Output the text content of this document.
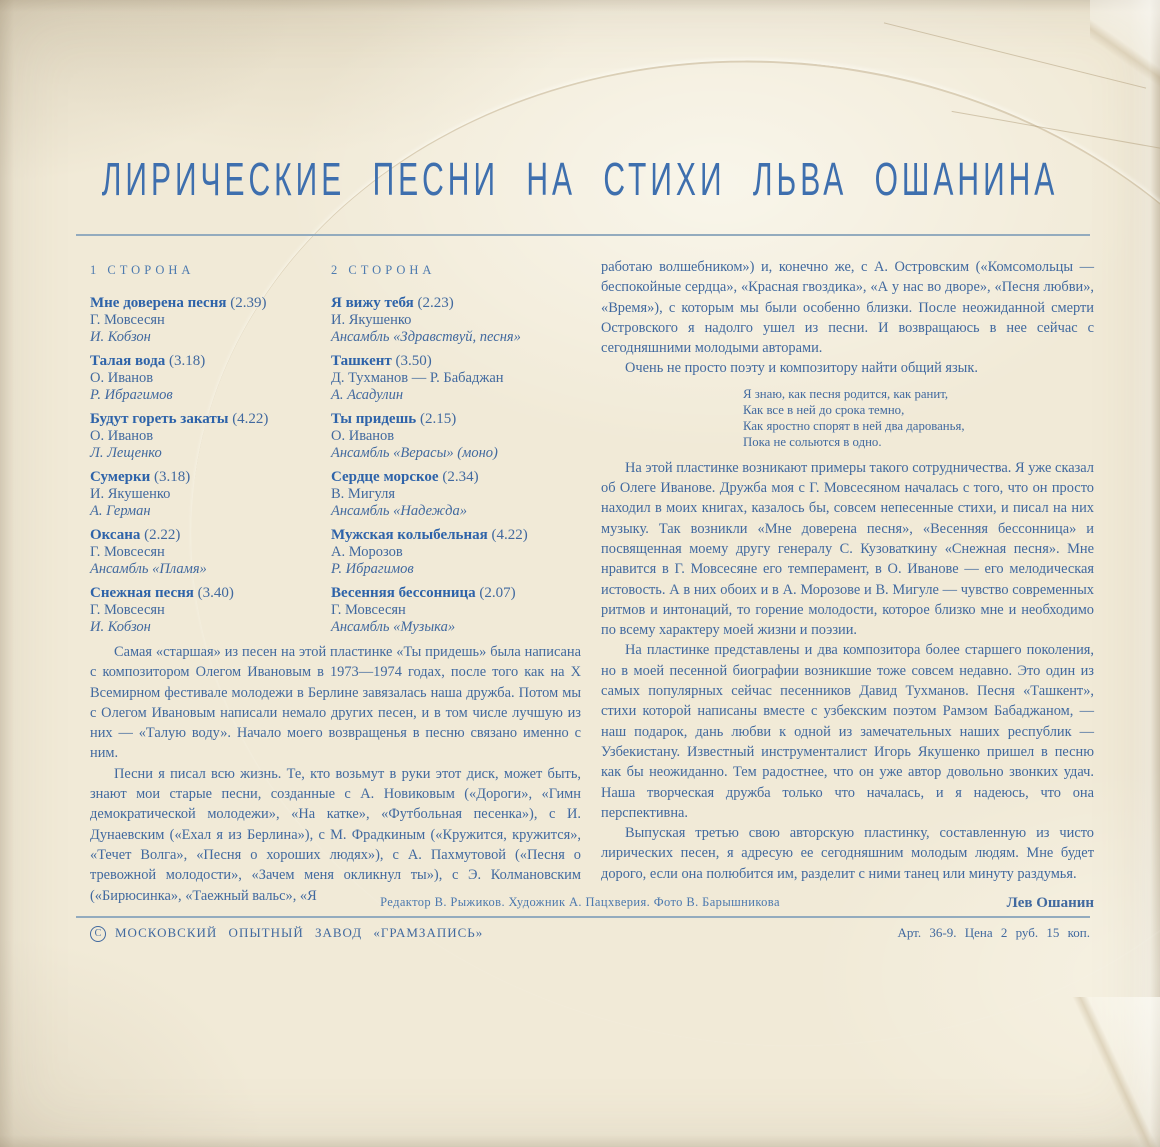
ЛИРИЧЕСКИЕ ПЕСНИ НА СТИХИ ЛЬВА ОШАНИНА
1 СТОРОНА
Мне доверена песня (2.39)
Г. Мовсесян
И. Кобзон
Талая вода (3.18)
О. Иванов
Р. Ибрагимов
Будут гореть закаты (4.22)
О. Иванов
Л. Лещенко
Сумерки (3.18)
И. Якушенко
А. Герман
Оксана (2.22)
Г. Мовсесян
Ансамбль «Пламя»
Снежная песня (3.40)
Г. Мовсесян
И. Кобзон
2 СТОРОНА
Я вижу тебя (2.23)
И. Якушенко
Ансамбль «Здравствуй, песня»
Ташкент (3.50)
Д. Тухманов — Р. Бабаджан
А. Асадулин
Ты придешь (2.15)
О. Иванов
Ансамбль «Верасы» (моно)
Сердце морское (2.34)
В. Мигуля
Ансамбль «Надежда»
Мужская колыбельная (4.22)
А. Морозов
Р. Ибрагимов
Весенняя бессонница (2.07)
Г. Мовсесян
Ансамбль «Музыка»

Самая «старшая» из песен на этой пластинке «Ты придешь» была написана с композитором Олегом Ивановым в 1973—1974 годах, после того как на X Всемирном фестивале молодежи в Берлине завязалась наша дружба. Потом мы с Олегом Ивановым написали немало других песен, и в том числе лучшую из них — «Талую воду». Начало моего возвращенья в песню связано именно с ним.

Песни я писал всю жизнь. Те, кто возьмут в руки этот диск, может быть, знают мои старые песни, созданные с А. Новиковым («Дороги», «Гимн демократической молодежи», «На катке», «Футбольная песенка»), с И. Дунаевским («Ехал я из Берлина»), с М. Фрадкиным («Кружится, кружится», «Течет Волга», «Песня о хороших людях»), с А. Пахмутовой («Песня о тревожной молодости», «Зачем меня окликнул ты»), с Э. Колмановским («Бирюсинка», «Таежный вальс», «Я

работаю волшебником») и, конечно же, с А. Островским («Комсомольцы — беспокойные сердца», «Красная гвоздика», «А у нас во дворе», «Песня любви», «Время»), с которым мы были особенно близки. После неожиданной смерти Островского я надолго ушел из песни. И возвращаюсь в нее сейчас с сегодняшними молодыми авторами.

Очень не просто поэту и композитору найти общий язык.

Я знаю, как песня родится, как ранит,
Как все в ней до срока темно,
Как яростно спорят в ней два дарованья,
Пока не сольются в одно.

На этой пластинке возникают примеры такого сотрудничества. Я уже сказал об Олеге Иванове. Дружба моя с Г. Мовсесяном началась с того, что он просто находил в моих книгах, казалось бы, совсем непесенные стихи, и писал на них музыку. Так возникли «Мне доверена песня», «Весенняя бессонница» и посвященная моему другу генералу С. Кузоваткину «Снежная песня». Мне нравится в Г. Мовсесяне его темперамент, в О. Иванове — его мелодическая истовость. А в них обоих и в А. Морозове и В. Мигуле — чувство современных ритмов и интонаций, то горение молодости, которое близко мне и необходимо по всему характеру моей жизни и поэзии.

На пластинке представлены и два композитора более старшего поколения, но в моей песенной биографии возникшие тоже совсем недавно. Это один из самых популярных сейчас песенников Давид Тухманов. Песня «Ташкент», стихи которой написаны вместе с узбекским поэтом Рамзом Бабаджаном, — наш подарок, дань любви к одной из замечательных наших республик — Узбекистану. Известный инструменталист Игорь Якушенко пришел в песню как бы неожиданно. Тем радостнее, что он уже автор довольно звонких удач. Наша творческая дружба только что началась, и я надеюсь, что она перспективна.

Выпуская третью свою авторскую пластинку, составленную из чисто лирических песен, я адресую ее сегодняшним молодым людям. Мне будет дорого, если она полюбится им, разделит с ними танец или минуту раздумья.

Лев Ошанин
Редактор В. Рыжиков. Художник А. Пацхверия. Фото В. Барышникова
С МОСКОВСКИЙ ОПЫТНЫЙ ЗАВОД «ГРАМЗАПИСЬ»	Арт. 36-9. Цена 2 руб. 15 коп.
